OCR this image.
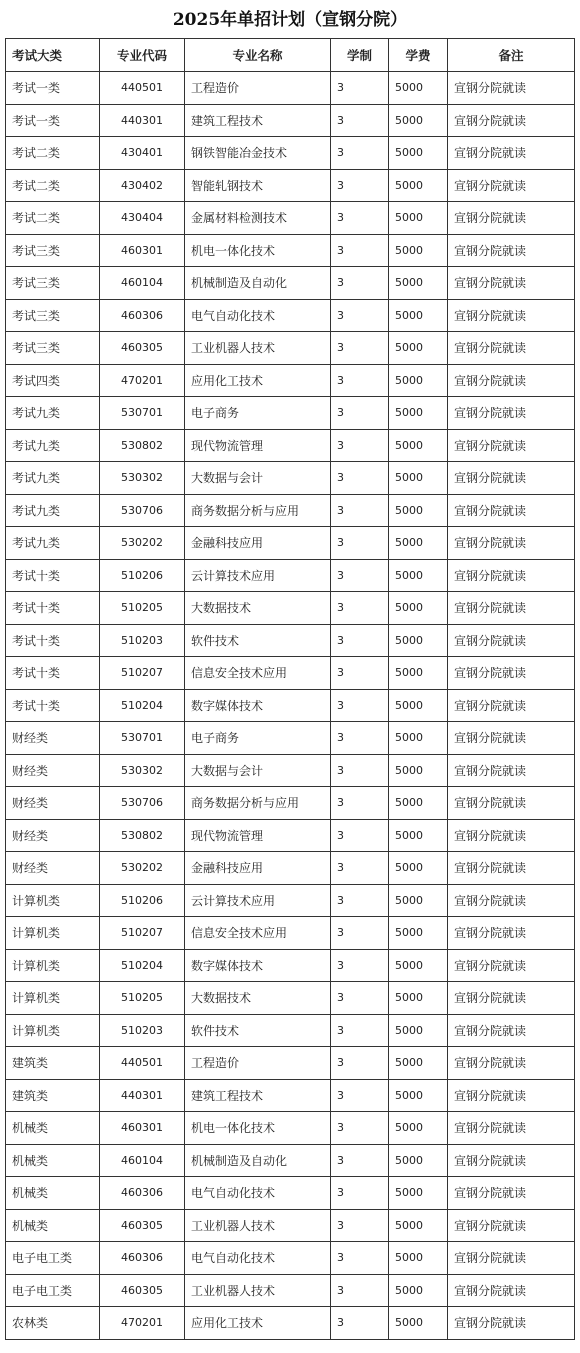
2025年单招计划（宣钢分院）
考试大类	专业代码	专业名称	学制	学费	备注
考试一类	440501	工程造价	3	5000	宣钢分院就读
考试一类	440301	建筑工程技术	3	5000	宣钢分院就读
考试二类	430401	钢铁智能冶金技术	3	5000	宣钢分院就读
考试二类	430402	智能轧钢技术	3	5000	宣钢分院就读
考试二类	430404	金属材料检测技术	3	5000	宣钢分院就读
考试三类	460301	机电一体化技术	3	5000	宣钢分院就读
考试三类	460104	机械制造及自动化	3	5000	宣钢分院就读
考试三类	460306	电气自动化技术	3	5000	宣钢分院就读
考试三类	460305	工业机器人技术	3	5000	宣钢分院就读
考试四类	470201	应用化工技术	3	5000	宣钢分院就读
考试九类	530701	电子商务	3	5000	宣钢分院就读
考试九类	530802	现代物流管理	3	5000	宣钢分院就读
考试九类	530302	大数据与会计	3	5000	宣钢分院就读
考试九类	530706	商务数据分析与应用	3	5000	宣钢分院就读
考试九类	530202	金融科技应用	3	5000	宣钢分院就读
考试十类	510206	云计算技术应用	3	5000	宣钢分院就读
考试十类	510205	大数据技术	3	5000	宣钢分院就读
考试十类	510203	软件技术	3	5000	宣钢分院就读
考试十类	510207	信息安全技术应用	3	5000	宣钢分院就读
考试十类	510204	数字媒体技术	3	5000	宣钢分院就读
财经类	530701	电子商务	3	5000	宣钢分院就读
财经类	530302	大数据与会计	3	5000	宣钢分院就读
财经类	530706	商务数据分析与应用	3	5000	宣钢分院就读
财经类	530802	现代物流管理	3	5000	宣钢分院就读
财经类	530202	金融科技应用	3	5000	宣钢分院就读
计算机类	510206	云计算技术应用	3	5000	宣钢分院就读
计算机类	510207	信息安全技术应用	3	5000	宣钢分院就读
计算机类	510204	数字媒体技术	3	5000	宣钢分院就读
计算机类	510205	大数据技术	3	5000	宣钢分院就读
计算机类	510203	软件技术	3	5000	宣钢分院就读
建筑类	440501	工程造价	3	5000	宣钢分院就读
建筑类	440301	建筑工程技术	3	5000	宣钢分院就读
机械类	460301	机电一体化技术	3	5000	宣钢分院就读
机械类	460104	机械制造及自动化	3	5000	宣钢分院就读
机械类	460306	电气自动化技术	3	5000	宣钢分院就读
机械类	460305	工业机器人技术	3	5000	宣钢分院就读
电子电工类	460306	电气自动化技术	3	5000	宣钢分院就读
电子电工类	460305	工业机器人技术	3	5000	宣钢分院就读
农林类	470201	应用化工技术	3	5000	宣钢分院就读
